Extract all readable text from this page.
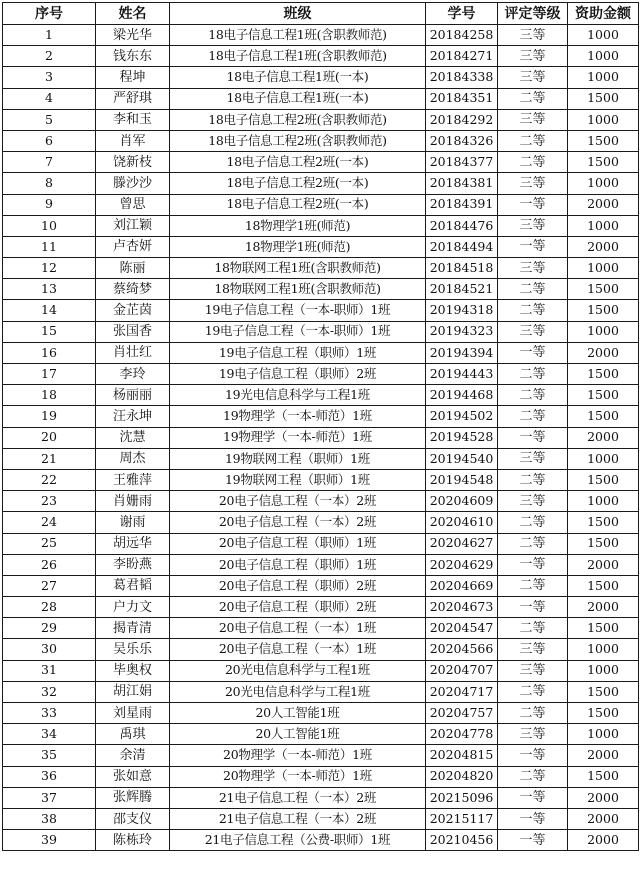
序号	姓名	班级	学号	评定等级	资助金额
1	梁光华	18电子信息工程1班(含职教师范)	20184258	三等	1000
2	钱东东	18电子信息工程1班(含职教师范)	20184271	三等	1000
3	程坤	18电子信息工程1班(一本)	20184338	三等	1000
4	严舒琪	18电子信息工程1班(一本)	20184351	二等	1500
5	李和玉	18电子信息工程2班(含职教师范)	20184292	三等	1000
6	肖军	18电子信息工程2班(含职教师范)	20184326	二等	1500
7	饶新枝	18电子信息工程2班(一本)	20184377	二等	1500
8	滕沙沙	18电子信息工程2班(一本)	20184381	三等	1000
9	曾思	18电子信息工程2班(一本)	20184391	一等	2000
10	刘江颖	18物理学1班(师范)	20184476	三等	1000
11	卢杏妍	18物理学1班(师范)	20184494	一等	2000
12	陈丽	18物联网工程1班(含职教师范)	20184518	三等	1000
13	蔡绮梦	18物联网工程1班(含职教师范)	20184521	二等	1500
14	金芷茵	19电子信息工程（一本-职师）1班	20194318	二等	1500
15	张国香	19电子信息工程（一本-职师）1班	20194323	三等	1000
16	肖壮红	19电子信息工程（职师）1班	20194394	一等	2000
17	李玲	19电子信息工程（职师）2班	20194443	二等	1500
18	杨丽丽	19光电信息科学与工程1班	20194468	二等	1500
19	汪永坤	19物理学（一本-师范）1班	20194502	二等	1500
20	沈慧	19物理学（一本-师范）1班	20194528	一等	2000
21	周杰	19物联网工程（职师）1班	20194540	三等	1000
22	王雅萍	19物联网工程（职师）1班	20194548	二等	1500
23	肖姗雨	20电子信息工程（一本）2班	20204609	三等	1000
24	谢雨	20电子信息工程（一本）2班	20204610	二等	1500
25	胡远华	20电子信息工程（职师）1班	20204627	二等	1500
26	李盼燕	20电子信息工程（职师）1班	20204629	一等	2000
27	葛君韬	20电子信息工程（职师）2班	20204669	二等	1500
28	户力文	20电子信息工程（职师）2班	20204673	一等	2000
29	揭青清	20电子信息工程（一本）1班	20204547	二等	1500
30	吴乐乐	20电子信息工程（一本）1班	20204566	三等	1000
31	毕奥权	20光电信息科学与工程1班	20204707	三等	1000
32	胡江娟	20光电信息科学与工程1班	20204717	二等	1500
33	刘星雨	20人工智能1班	20204757	二等	1500
34	禹琪	20人工智能1班	20204778	三等	1000
35	余清	20物理学（一本-师范）1班	20204815	一等	2000
36	张如意	20物理学（一本-师范）1班	20204820	二等	1500
37	张辉腾	21电子信息工程（一本）2班	20215096	一等	2000
38	邵支仪	21电子信息工程（一本）2班	20215117	一等	2000
39	陈栋玲	21电子信息工程（公费-职师）1班	20210456	一等	2000
